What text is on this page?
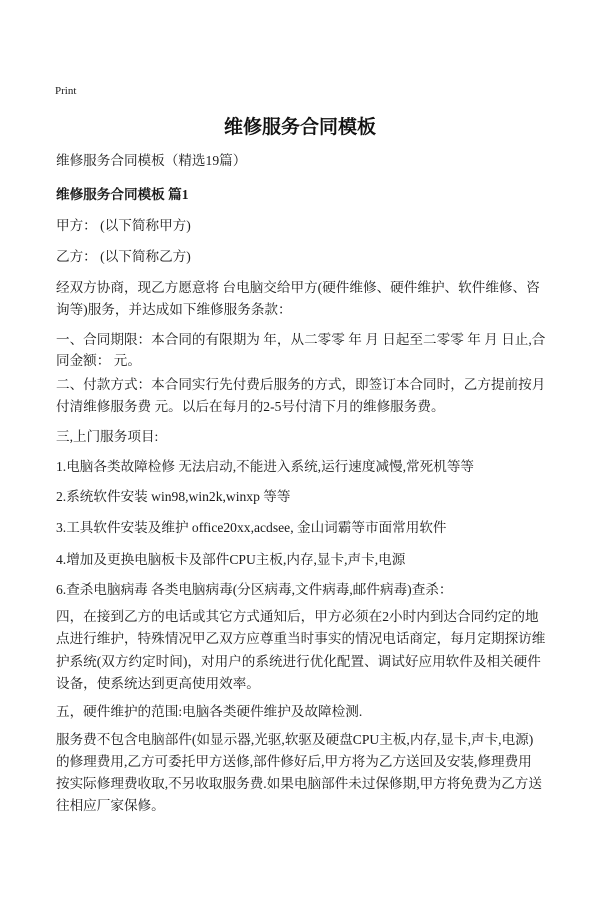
Print
维修服务合同模板
维修服务合同模板（精选19篇）
维修服务合同模板 篇1
甲方： (以下简称甲方)
乙方： (以下简称乙方)
经双方协商，现乙方愿意将 台电脑交给甲方(硬件维修、硬件维护、软件维修、咨
询等)服务，并达成如下维修服务条款：
一、合同期限：本合同的有限期为 年，从二零零 年 月 日起至二零零 年 月 日止,合
同金额： 元。
二、付款方式：本合同实行先付费后服务的方式，即签订本合同时，乙方提前按月
付清维修服务费 元。以后在每月的2-5号付清下月的维修服务费。
三,上门服务项目:
1.电脑各类故障检修 无法启动,不能进入系统,运行速度减慢,常死机等等
2.系统软件安装 win98,win2k,winxp 等等
3.工具软件安装及维护 office20xx,acdsee, 金山词霸等市面常用软件
4.增加及更换电脑板卡及部件CPU主板,内存,显卡,声卡,电源
6.查杀电脑病毒 各类电脑病毒(分区病毒,文件病毒,邮件病毒)查杀：
四，在接到乙方的电话或其它方式通知后，甲方必须在2小时内到达合同约定的地
点进行维护，特殊情况甲乙双方应尊重当时事实的情况电话商定，每月定期探访维
护系统(双方约定时间)，对用户的系统进行优化配置、调试好应用软件及相关硬件
设备，使系统达到更高使用效率。
五，硬件维护的范围:电脑各类硬件维护及故障检测.
服务费不包含电脑部件(如显示器,光驱,软驱及硬盘CPU主板,内存,显卡,声卡,电源)
的修理费用,乙方可委托甲方送修,部件修好后,甲方将为乙方送回及安装,修理费用
按实际修理费收取,不另收取服务费.如果电脑部件未过保修期,甲方将免费为乙方送
往相应厂家保修。
